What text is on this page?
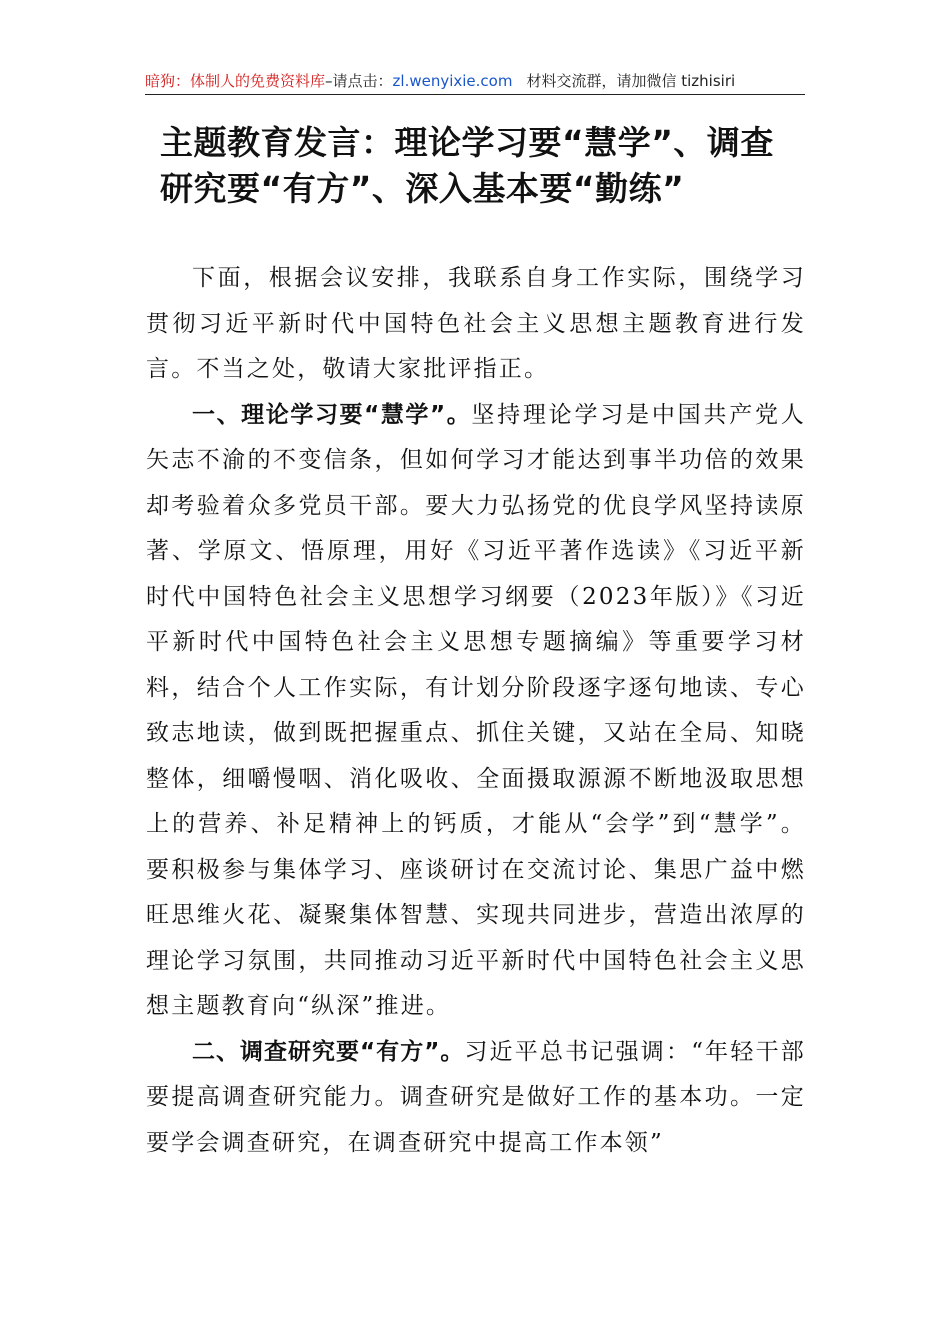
暗狗：体制人的免费资料库–请点击：zl.wenyixie.com 材料交流群，请加微信 tizhisiri
主题教育发言：理论学习要“慧学”、调查研究要“有方”、深入基本要“勤练”

下面，根据会议安排，我联系自身工作实际，围绕学习贯彻习近平新时代中国特色社会主义思想主题教育进行发言。不当之处，敬请大家批评指正。

一、理论学习要“慧学”。坚持理论学习是中国共产党人矢志不渝的不变信条，但如何学习才能达到事半功倍的效果却考验着众多党员干部。要大力弘扬党的优良学风坚持读原著、学原文、悟原理，用好《习近平著作选读》《习近平新时代中国特色社会主义思想学习纲要（2023年版）》《习近平新时代中国特色社会主义思想专题摘编》等重要学习材料，结合个人工作实际，有计划分阶段逐字逐句地读、专心致志地读，做到既把握重点、抓住关键，又站在全局、知晓整体，细嚼慢咽、消化吸收、全面摄取源源不断地汲取思想上的营养、补足精神上的钙质，才能从“会学”到“慧学”。要积极参与集体学习、座谈研讨在交流讨论、集思广益中燃旺思维火花、凝聚集体智慧、实现共同进步，营造出浓厚的理论学习氛围，共同推动习近平新时代中国特色社会主义思想主题教育向“纵深”推进。

二、调查研究要“有方”。习近平总书记强调：“年轻干部要提高调查研究能力。调查研究是做好工作的基本功。一定要学会调查研究，在调查研究中提高工作本领”
